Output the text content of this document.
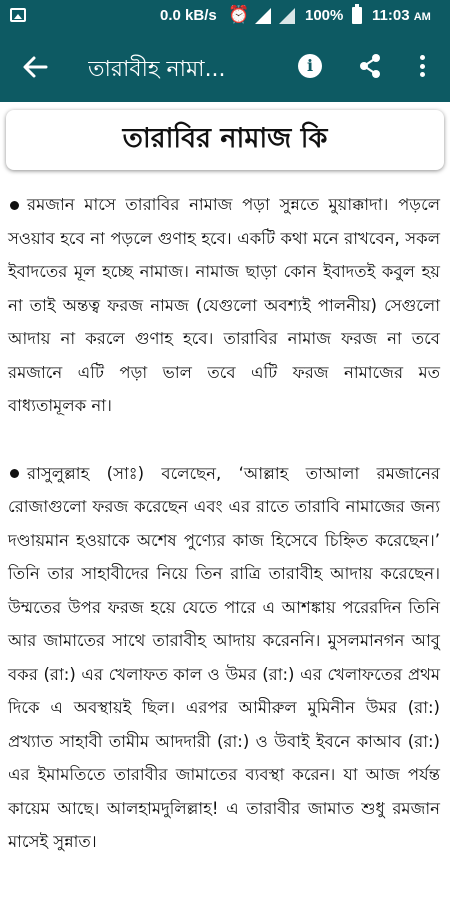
0.0 kB/s ⏰	100% 11:03 AM
তারাবীহ নামা...	i
তারাবির নামাজ কি

রমজান মাসে তারাবির নামাজ পড়া সুন্নতে মুয়াক্কাদা। পড়লে সওয়াব হবে না পড়লে গুণাহ হবে। একটি কথা মনে রাখবেন, সকল ইবাদতের মূল হচ্ছে নামাজ। নামাজ ছাড়া কোন ইবাদতই কবুল হয় না তাই অন্তত্ব ফরজ নামজ (যেগুলো অবশ্যই পালনীয়) সেগুলো আদায় না করলে গুণাহ হবে। তারাবির নামাজ ফরজ না তবে রমজানে এটি পড়া ভাল তবে এটি ফরজ নামাজের মত বাধ্যতামূলক না।

রাসুলুল্লাহ (সাঃ) বলেছেন, ‘আল্লাহ তাআলা রমজানের রোজাগুলো ফরজ করেছেন এবং এর রাতে তারাবি নামাজের জন্য দণ্ডায়মান হওয়াকে অশেষ পুণ্যের কাজ হিসেবে চিহ্নিত করেছেন।’ তিনি তার সাহাবীদের নিয়ে তিন রাত্রি তারাবীহ আদায় করেছেন। উম্মতের উপর ফরজ হয়ে যেতে পারে এ আশঙ্কায় পরেরদিন তিনি আর জামাতের সাথে তারাবীহ আদায় করেননি। মুসলমানগন আবু বকর (রা:) এর খেলাফত কাল ও উমর (রা:) এর খেলাফতের প্রথম দিকে এ অবস্থায়ই ছিল। এরপর আমীরুল মুমিনীন উমর (রা:) প্রখ্যাত সাহাবী তামীম আদদারী (রা:) ও উবাই ইবনে কাআব (রা:) এর ইমামতিতে তারাবীর জামাতের ব্যবস্থা করেন। যা আজ পর্যন্ত কায়েম আছে। আলহামদুলিল্লাহ! এ তারাবীর জামাত শুধু রমজান মাসেই সুন্নাত।
